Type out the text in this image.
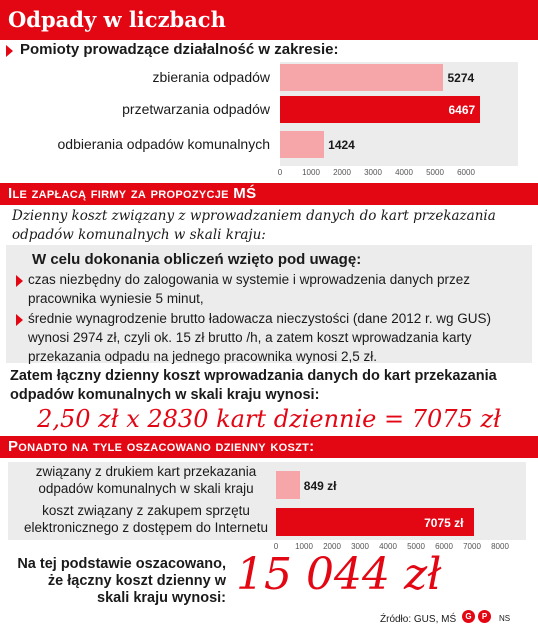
Odpady w liczbach
Pomioty prowadzące działalność w zakresie:
zbierania odpadów	5274
przetwarzania odpadów	6467
odbierania odpadów komunalnych	1424
0	1000	2000	3000	4000	5000	6000
Ile zapłacą firmy za propozycje MŚ
Dzienny koszt związany z wprowadzaniem danych do kart przekazania odpadów komunalnych w skali kraju:
W celu dokonania obliczeń wzięto pod uwagę:
czas niezbędny do zalogowania w systemie i wprowadzenia danych przez pracownika wyniesie 5 minut,
średnie wynagrodzenie brutto ładowacza nieczystości (dane 2012 r. wg GUS) wynosi 2974 zł, czyli ok. 15 zł brutto /h, a zatem koszt wprowadzania karty przekazania odpadu na jednego pracownika wynosi 2,5 zł.
Zatem łączny dzienny koszt wprowadzania danych do kart przekazania odpadów komunalnych w skali kraju wynosi:
2,50 zł x 2830 kart dziennie = 7075 zł
Ponadto na tyle oszacowano dzienny koszt:
związany z drukiem kart przekazania odpadów komunalnych w skali kraju	849 zł
koszt związany z zakupem sprzętu elektronicznego z dostępem do Internetu	7075 zł
0	1000	2000	3000	4000	5000	6000	7000	8000
Na tej podstawie oszacowano, że łączny koszt dzienny w skali kraju wynosi: 15 044 zł
Źródło: GUS, MŚ	G	P	NS
